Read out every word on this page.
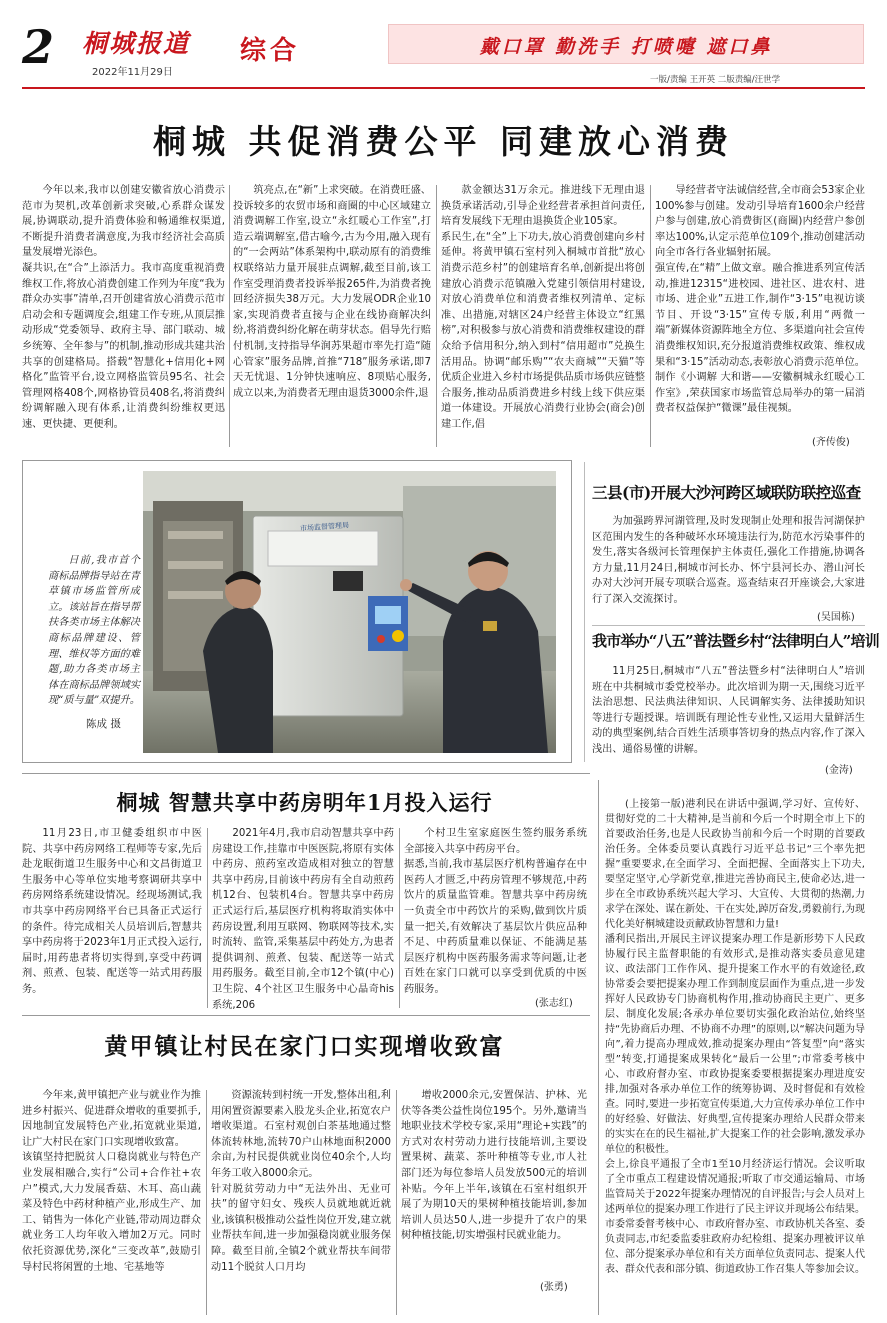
2 桐城报道
2022年11月29日
综合	戴口罩 勤洗手 打喷嚏 遮口鼻
一版/责编 王开英 二版责编/汪世学
桐城 共促消费公平 同建放心消费

今年以来,我市以创建安徽省放心消费示范市为契机,改革创新求突破,心系群众谋发展,协调联动,提升消费体验和畅通维权渠道,不断提升消费者满意度,为我市经济社会高质量发展增光添色。
凝共识,在“合”上添活力。我市高度重视消费维权工作,将放心消费创建工作列为年度“我为群众办实事”清单,召开创建省放心消费示范市启动会和专题调度会,组建工作专班,从顶层推动形成“党委领导、政府主导、部门联动、城乡统筹、全年参与”的机制,推动形成共建共治共享的创建格局。搭载“智慧化+信用化+网格化”监管平台,设立网格监管员95名、社会管理网格408个,网格协管员408名,将消费纠纷调解融入现有体系,让消费纠纷维权更迅速、更快捷、更便利。

筑亮点,在“新”上求突破。在消费旺盛、投诉较多的农贸市场和商圈的中心区域建立消费调解工作室,设立“永红暖心工作室”,打造云端调解室,借古喻今,古为今用,融入现有的“一会两站”体系架构中,联动原有的消费维权联络站力量开展驻点调解,截至目前,该工作室受理消费者投诉举报265件,为消费者挽回经济损失38万元。大力发展ODR企业10家,实现消费者直接与企业在线协商解决纠纷,将消费纠纷化解在萌芽状态。倡导先行赔付机制,支持指导华润苏果超市率先打造“随心管家”服务品牌,首推“718”服务承诺,即7天无忧退、1分钟快速响应、8项贴心服务,成立以来,为消费者无理由退货3000余件,退

款金额达31万余元。推进线下无理由退换货承诺活动,引导企业经营者承担首问责任,培育发展线下无理由退换货企业105家。
系民生,在“全”上下功夫,放心消费创建向乡村延伸。将黄甲镇石室村列入桐城市首批“放心消费示范乡村”的创建培育名单,创新提出将创建放心消费示范镇融入党建引领信用村建设,对放心消费单位和消费者维权列清单、定标准、出措施,对辖区24户经营主体设立“红黑榜”,对积极参与放心消费和消费维权建设的群众给予信用积分,纳入到村“信用超市”兑换生活用品。协调“邮乐购”“农夫商城”“天猫”等优质企业进入乡村市场提供品质市场供应链整合服务,推动品质消费进乡村线上线下供应渠道一体建设。开展放心消费行业协会(商会)创建工作,倡

导经营者守法诚信经营,全市商会53家企业100%参与创建。发动引导培育1600余户经营户参与创建,放心消费街区(商圈)内经营户参创率达100%,认定示范单位109个,推动创建活动向全市各行各业辐射拓展。
强宣传,在“精”上做文章。融合推进系列宣传活动,推进12315“进校园、进社区、进农村、进市场、进企业”五进工作,制作“3·15”电视访谈节目、开设“3·15”宣传专版,利用“两微一端”新媒体资源阵地全方位、多渠道向社会宣传消费维权知识,充分报道消费维权政策、维权成果和“3·15”活动动态,表彰放心消费示范单位。制作《小调解 大和谐——安徽桐城永红暖心工作室》,荣获国家市场监管总局举办的第一届消费者权益保护“微课”最佳视频。

(齐传俊)
日前,我市首个商标品牌指导站在青草镇市场监管所成立。该站旨在指导帮扶各类市场主体解决商标品牌建设、管理、维权等方面的难题,助力各类市场主体在商标品牌领域实现“质与量”双提升。
陈成 摄
市场监督管理局
三县(市)开展大沙河跨区域联防联控巡查

为加强跨界河湖管理,及时发现制止处理和报告河湖保护区范围内发生的各种破坏水环境违法行为,防范水污染事件的发生,落实各级河长管理保护主体责任,强化工作措施,协调各方力量,11月24日,桐城市河长办、怀宁县河长办、潜山河长办对大沙河开展专项联合巡查。巡查结束召开座谈会,大家进行了深入交流探讨。

(吴国栋)
我市举办“八五”普法暨乡村“法律明白人”培训

11月25日,桐城市“八五”普法暨乡村“法律明白人”培训班在中共桐城市委党校举办。此次培训为期一天,围绕习近平法治思想、民法典法律知识、人民调解实务、法律援助知识等进行专题授课。培训既有理论性专业性,又运用大量鲜活生动的典型案例,结合百姓生活琐事答切身的热点内容,作了深入浅出、通俗易懂的讲解。

(金涛)
桐城 智慧共享中药房明年1月投入运行

11月23日,市卫健委组织市中医院、共享中药房网络工程师等专家,先后赴龙眠街道卫生服务中心和文昌街道卫生服务中心等单位实地考察调研共享中药房网络系统建设情况。经现场测试,我市共享中药房网络平台已具备正式运行的条件。待完成相关人员培训后,智慧共享中药房将于2023年1月正式投入运行,届时,用药患者将切实得到,享受中药调剂、煎煮、包装、配送等一站式用药服务。

2021年4月,我市启动智慧共享中药房建设工作,挂靠市中医医院,将原有实体中药房、煎药室改造成相对独立的智慧共享中药房,目前该中药房有全自动煎药机12台、包装机4台。智慧共享中药房正式运行后,基层医疗机构将取消实体中药房设置,利用互联网、物联网等技术,实时流转、监管,采集基层中药处方,为患者提供调剂、煎煮、包装、配送等一站式用药服务。截至目前,全市12个镇(中心)卫生院、4个社区卫生服务中心晶奇his系统,206

个村卫生室家庭医生签约服务系统全部接入共享中药房平台。
据悉,当前,我市基层医疗机构普遍存在中医药人才匮乏,中药房管理不够规范,中药饮片的质量监管难。智慧共享中药房统一负责全市中药饮片的采购,做到饮片质量一把关,有效解决了基层饮片供应品种不足、中药质量难以保证、不能满足基层医疗机构中医药服务需求等问题,让老百姓在家门口就可以享受到优质的中医药服务。

(张志红)
黄甲镇让村民在家门口实现增收致富

今年来,黄甲镇把产业与就业作为推进乡村振兴、促进群众增收的重要抓手,因地制宜发展特色产业,拓宽就业渠道,让广大村民在家门口实现增收致富。
该镇坚持把脱贫人口稳岗就业与特色产业发展相融合,实行“公司+合作社+农户”模式,大力发展香菇、木耳、高山蔬菜及特色中药材种植产业,形成生产、加工、销售为一体化产业链,带动周边群众就业务工人均年收入增加2万元。同时依托资源优势,深化“三变改革”,鼓励引导村民将闲置的土地、宅基地等

资源流转到村统一开发,整体出租,利用闲置资源要素入股龙头企业,拓宽农户增收渠道。石室村观创白茶基地通过整体流转林地,流转70户山林地面积2000余亩,为村民提供就业岗位40余个,人均年务工收入8000余元。
针对脱贫劳动力中“无法外出、无业可扶”的留守妇女、残疾人员就地就近就业,该镇积极推动公益性岗位开发,建立就业帮扶车间,进一步加强稳岗就业服务保障。截至目前,全镇2个就业帮扶车间带动11个脱贫人口月均

增收2000余元,安置保洁、护林、光伏等各类公益性岗位195个。另外,邀请当地职业技术学校专家,采用“理论+实践”的方式对农村劳动力进行技能培训,主要设置果树、蔬菜、茶叶种植等专业,市人社部门还为每位参培人员发放500元的培训补贴。今年上半年,该镇在石室村组织开展了为期10天的果树种植技能培训,参加培训人员达50人,进一步提升了农户的果树种植技能,切实增强村民就业能力。

(张勇)

(上接第一版)港利民在讲话中强调,学习好、宣传好、贯彻好党的二十大精神,是当前和今后一个时期全市上下的首要政治任务,也是人民政协当前和今后一个时期的首要政治任务。全体委员要认真践行习近平总书记“三个率先把握”重要要求,在全面学习、全面把握、全面落实上下功夫,要坚定坚守,心学新党章,推进完善协商民主,使命必达,进一步在全市政协系统兴起大学习、大宣传、大贯彻的热潮,力求学在深处、谋在新处、干在实处,踔厉奋发,勇毅前行,为现代化美好桐城建设贡献政协智慧和力量!
潘利民指出,开展民主评议提案办理工作是新形势下人民政协履行民主监督职能的有效形式,是推动落实委员意见建议、政法部门工作作风、提升提案工作水平的有效途径,政协常委会要把提案办理工作到制度层面作为重点,进一步发挥好人民政协专门协商机构作用,推动协商民主更广、更多层、制度化发展;各承办单位要切实强化政治站位,始终坚持“先协商后办理、不协商不办理”的原则,以“解决问题为导向”,着力提高办理成效,推动提案办理由“答复型”向“落实型”转变,打通提案成果转化“最后一公里”;市常委考核中心、市政府督办室、市政协提案委要根据提案办理进度安排,加强对各承办单位工作的统筹协调、及时督促和有效检查。同时,要进一步拓宽宣传渠道,大力宣传承办单位工作中的好经验、好做法、好典型,宣传提案办理给人民群众带来的实实在在的民生福祉,扩大提案工作的社会影响,激发承办单位的积极性。
会上,徐良平通报了全市1至10月经济运行情况。会议听取了全市重点工程建设情况通报;听取了市交通运输局、市场监管局关于2022年提案办理情况的自评报告;与会人员对上述两单位的提案办理工作进行了民主评议并现场公布结果。
市委常委督考核中心、市政府督办室、市政协机关各室、委负责同志,市纪委监委驻政府办纪检组、提案办理被评议单位、部分提案承办单位和有关方面单位负责同志、提案人代表、群众代表和部分镇、街道政协工作召集人等参加会议。
